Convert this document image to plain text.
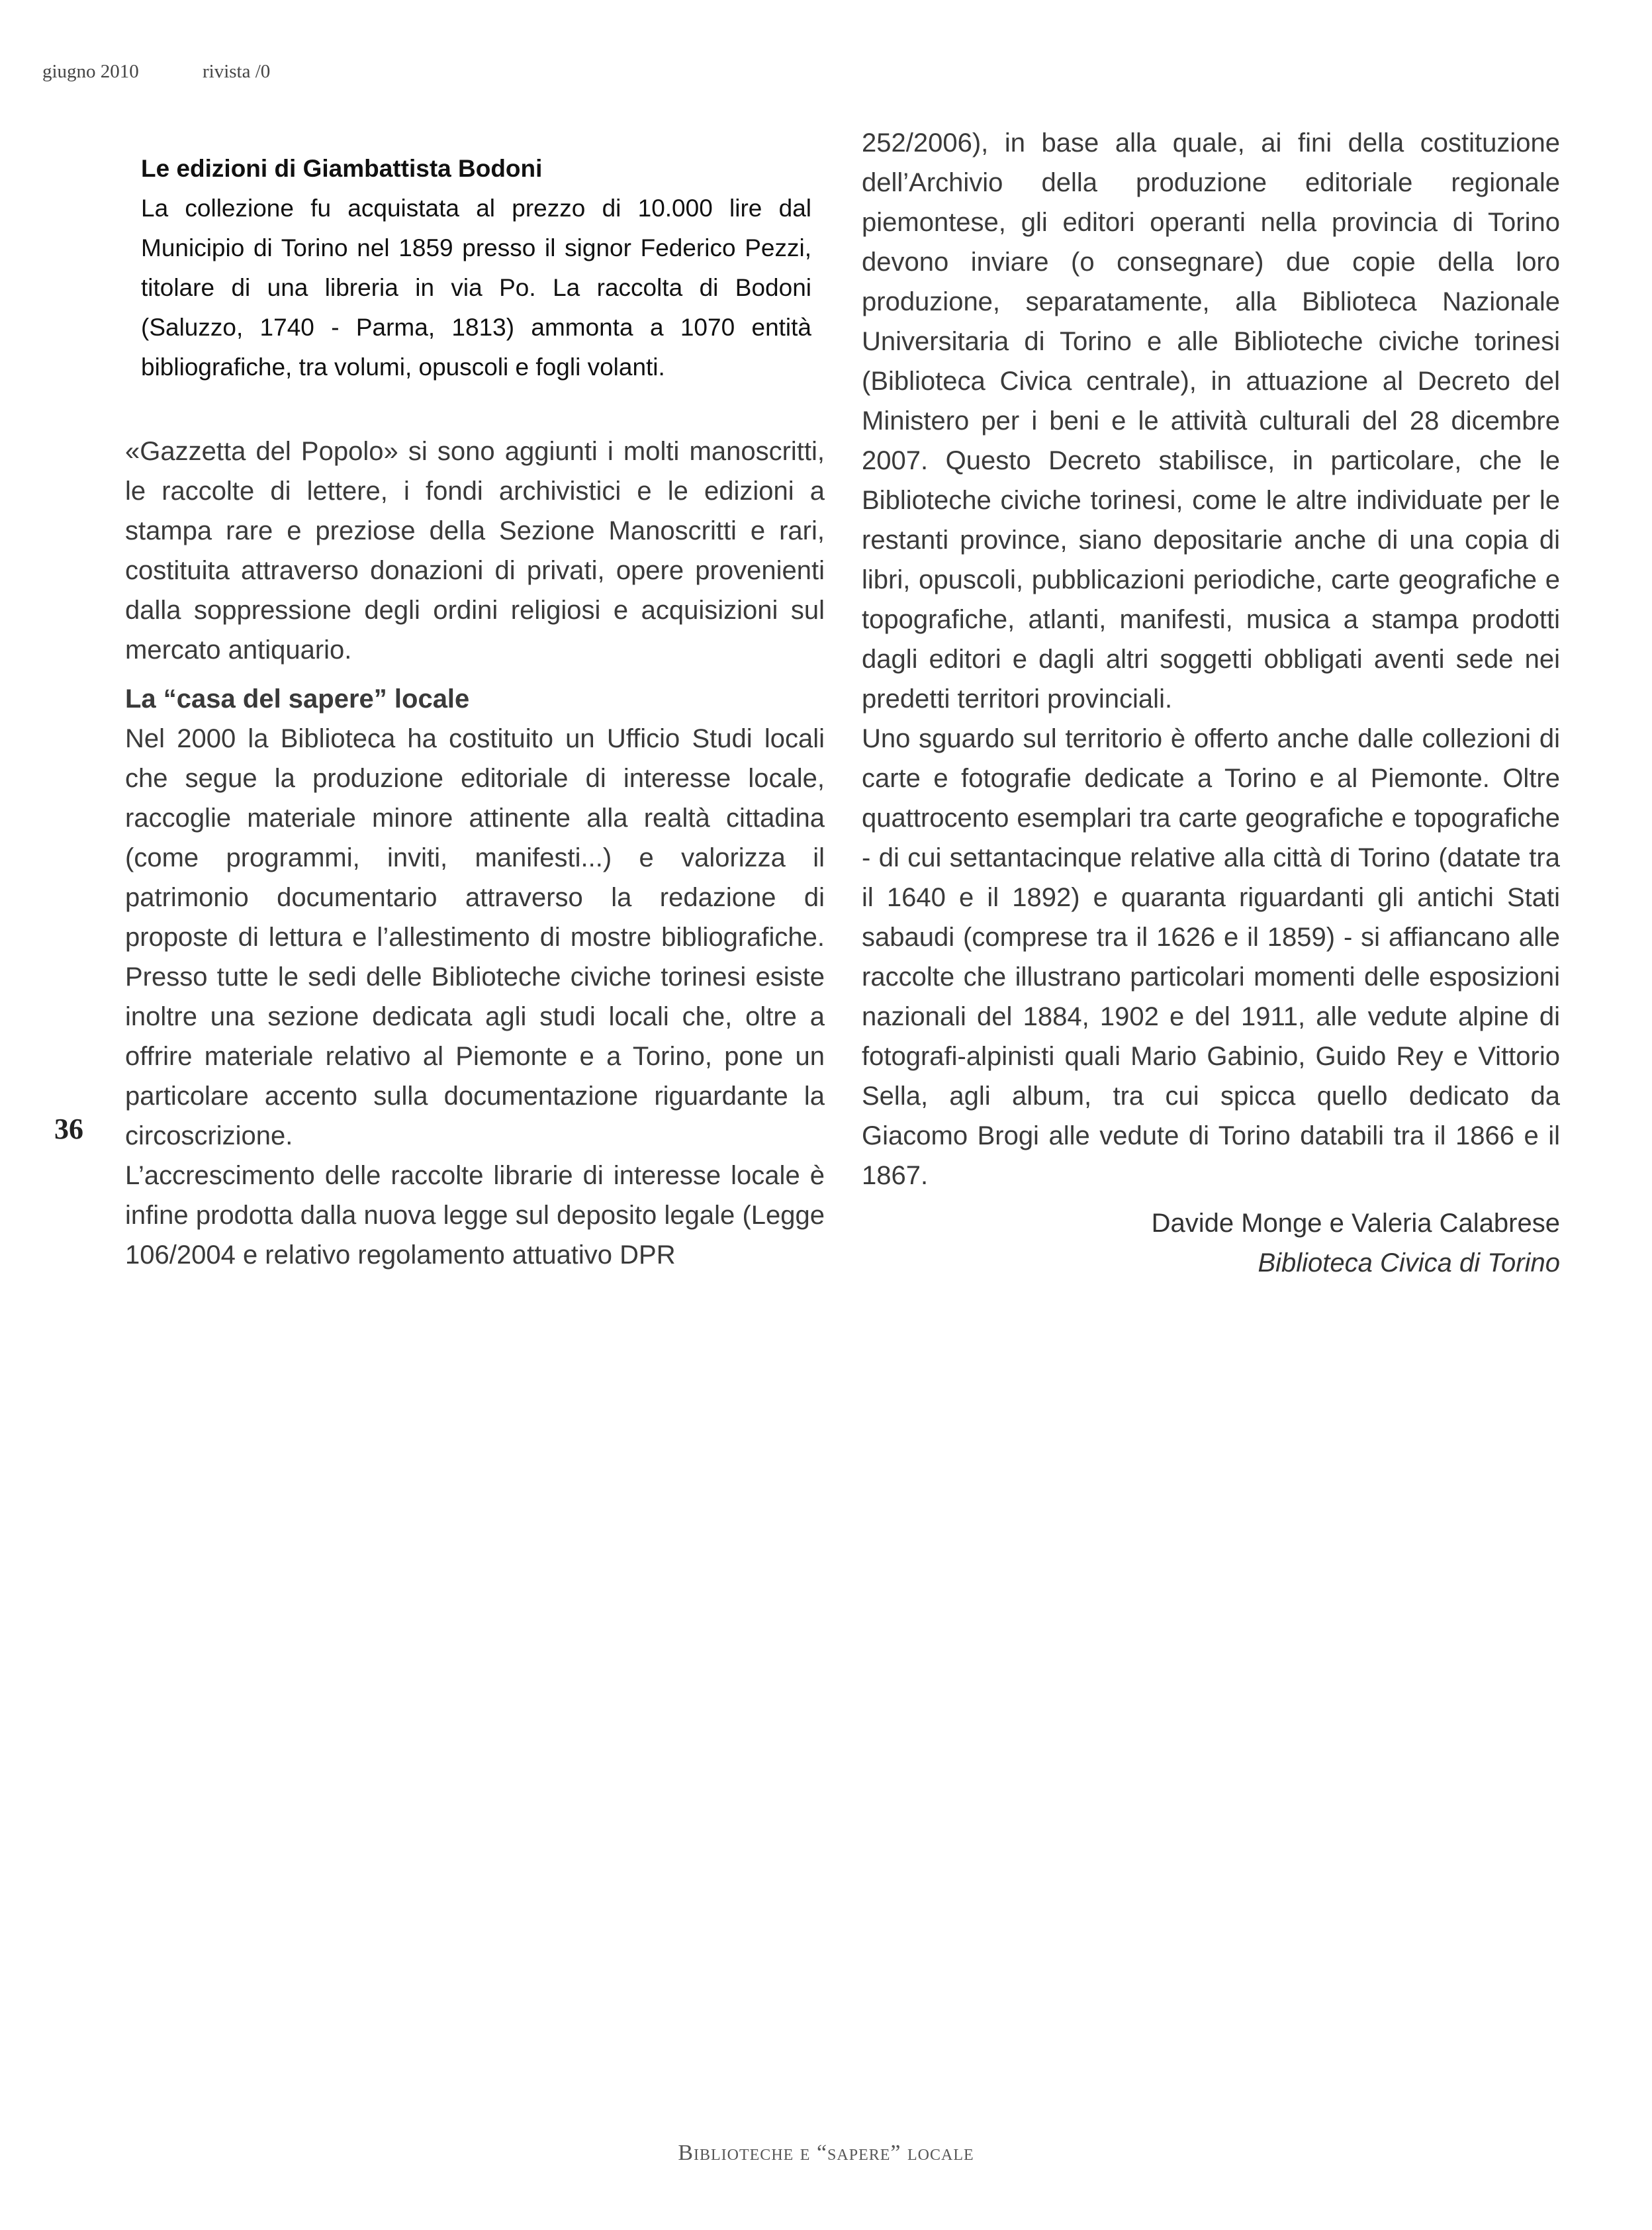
giugno 2010	rivista /0
Le edizioni di Giambattista Bodoni

La collezione fu acquistata al prezzo di 10.000 lire dal Municipio di Torino nel 1859 presso il signor Federico Pezzi, titolare di una libreria in via Po. La raccolta di Bodoni (Saluzzo, 1740 - Parma, 1813) ammonta a 1070 entità bibliografiche, tra volumi, opuscoli e fogli volanti.

«Gazzetta del Popolo» si sono aggiunti i molti manoscritti, le raccolte di lettere, i fondi archivistici e le edizioni a stampa rare e preziose della Sezione Manoscritti e rari, costituita attraverso donazioni di privati, opere provenienti dalla soppressione degli ordini religiosi e acquisizioni sul mercato antiquario.

La “casa del sapere” locale

Nel 2000 la Biblioteca ha costituito un Ufficio Studi locali che segue la produzione editoriale di interesse locale, raccoglie materiale minore attinente alla realtà cittadina (come programmi, inviti, manifesti...) e valorizza il patrimonio documentario attraverso la redazione di proposte di lettura e l’allestimento di mostre bibliografiche. Presso tutte le sedi delle Biblioteche civiche torinesi esiste inoltre una sezione dedicata agli studi locali che, oltre a offrire materiale relativo al Piemonte e a Torino, pone un particolare accento sulla documentazione riguardante la circoscrizione.

L’accrescimento delle raccolte librarie di interesse locale è infine prodotta dalla nuova legge sul deposito legale (Legge 106/2004 e relativo regolamento attuativo DPR

252/2006), in base alla quale, ai fini della costituzione dell’Archivio della produzione editoriale regionale piemontese, gli editori operanti nella provincia di Torino devono inviare (o consegnare) due copie della loro produzione, separatamente, alla Biblioteca Nazionale Universitaria di Torino e alle Biblioteche civiche torinesi (Biblioteca Civica centrale), in attuazione al Decreto del Ministero per i beni e le attività culturali del 28 dicembre 2007. Questo Decreto stabilisce, in particolare, che le Biblioteche civiche torinesi, come le altre individuate per le restanti province, siano depositarie anche di una copia di libri, opuscoli, pubblicazioni periodiche, carte geografiche e topografiche, atlanti, manifesti, musica a stampa prodotti dagli editori e dagli altri soggetti obbligati aventi sede nei predetti territori provinciali.

Uno sguardo sul territorio è offerto anche dalle collezioni di carte e fotografie dedicate a Torino e al Piemonte. Oltre quattrocento esemplari tra carte geografiche e topografiche - di cui settantacinque relative alla città di Torino (datate tra il 1640 e il 1892) e quaranta riguardanti gli antichi Stati sabaudi (comprese tra il 1626 e il 1859) - si affiancano alle raccolte che illustrano particolari momenti delle esposizioni nazionali del 1884, 1902 e del 1911, alle vedute alpine di fotografi-alpinisti quali Mario Gabinio, Guido Rey e Vittorio Sella, agli album, tra cui spicca quello dedicato da Giacomo Brogi alle vedute di Torino databili tra il 1866 e il 1867.

Davide Monge e Valeria Calabrese
Biblioteca Civica di Torino
36
Biblioteche e “sapere” locale
